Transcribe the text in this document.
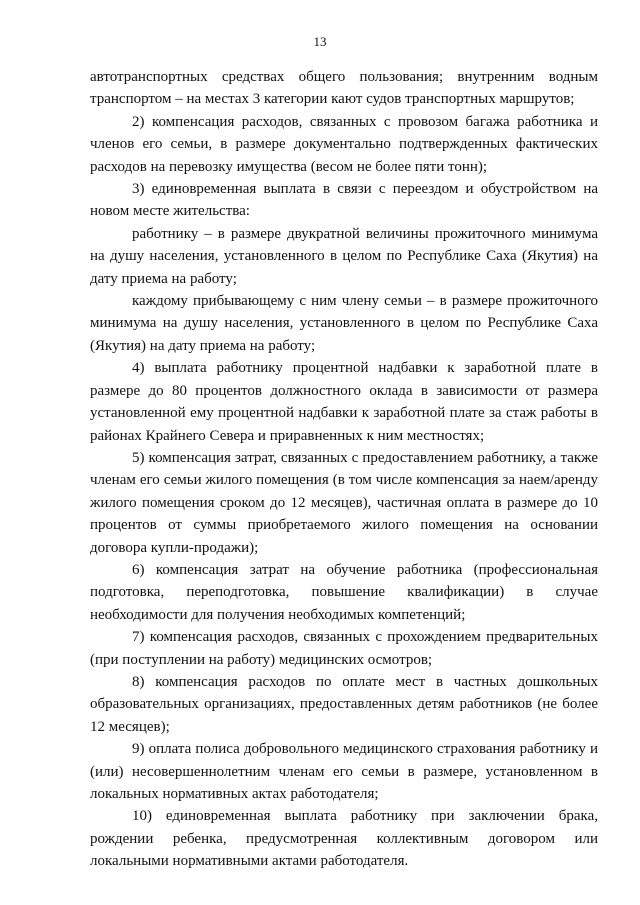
13

автотранспортных средствах общего пользования; внутренним водным транспортом – на местах 3 категории кают судов транспортных маршрутов;

2) компенсация расходов, связанных с провозом багажа работника и членов его семьи, в размере документально подтвержденных фактических расходов на перевозку имущества (весом не более пяти тонн);

3) единовременная выплата в связи с переездом и обустройством на новом месте жительства:

работнику – в размере двукратной величины прожиточного минимума на душу населения, установленного в целом по Республике Саха (Якутия) на дату приема на работу;

каждому прибывающему с ним члену семьи – в размере прожиточного минимума на душу населения, установленного в целом по Республике Саха (Якутия) на дату приема на работу;

4) выплата работнику процентной надбавки к заработной плате в размере до 80 процентов должностного оклада в зависимости от размера установленной ему процентной надбавки к заработной плате за стаж работы в районах Крайнего Севера и приравненных к ним местностях;

5) компенсация затрат, связанных с предоставлением работнику, а также членам его семьи жилого помещения (в том числе компенсация за наем/аренду жилого помещения сроком до 12 месяцев), частичная оплата в размере до 10 процентов от суммы приобретаемого жилого помещения на основании договора купли-продажи);

6) компенсация затрат на обучение работника (профессиональная подготовка, переподготовка, повышение квалификации) в случае необходимости для получения необходимых компетенций;

7) компенсация расходов, связанных с прохождением предварительных (при поступлении на работу) медицинских осмотров;

8) компенсация расходов по оплате мест в частных дошкольных образовательных организациях, предоставленных детям работников (не более 12 месяцев);

9) оплата полиса добровольного медицинского страхования работнику и (или) несовершеннолетним членам его семьи в размере, установленном в локальных нормативных актах работодателя;

10) единовременная выплата работнику при заключении брака, рождении ребенка, предусмотренная коллективным договором или локальными нормативными актами работодателя.
